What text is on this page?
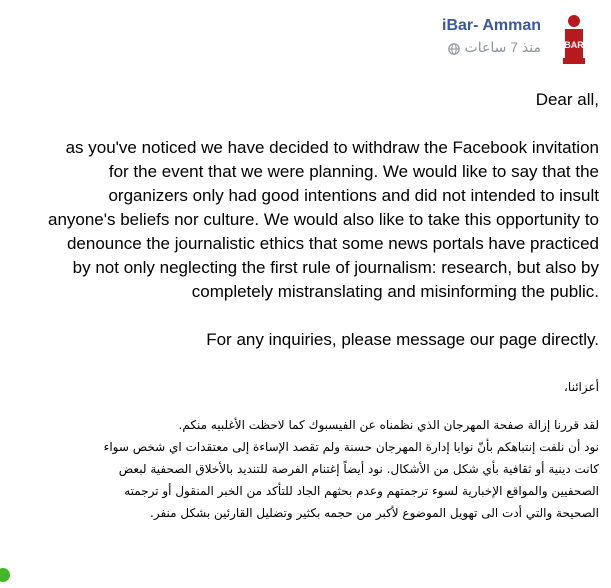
BAR
iBar- Amman
منذ 7 ساعات
Dear all,
as you've noticed we have decided to withdraw the Facebook invitation
for the event that we were planning. We would like to say that the
organizers only had good intentions and did not intended to insult
anyone's beliefs nor culture. We would also like to take this opportunity to
denounce the journalistic ethics that some news portals have practiced
by not only neglecting the first rule of journalism: research, but also by
completely mistranslating and misinforming the public.
For any inquiries, please message our page directly.
أعزائنا،
لقد قررنا إزالة صفحة المهرجان الذي نظمناه عن الفيسبوك كما لاحظت الأغلبيه منكم.
نود أن نلفت إنتباهكم بأنّ نوايا إدارة المهرجان حسنة ولم تقصد الإساءة إلى معتقدات اي شخص سواء
كانت دينية أو ثقافية بأي شكل من الأشكال. نود أيضاً إغتنام الفرصة للتنديد بالأخلاق الصحفية لبعض
الصحفيين والمواقع الإخبارية لسوء ترجمتهم وعدم بحثهم الجاد للتأكد من الخبر المنقول أو ترجمته
الصحيحة والتي أدت الى تهويل الموضوع لأكبر من حجمه بكثير وتضليل القارئين بشكل منفر.
